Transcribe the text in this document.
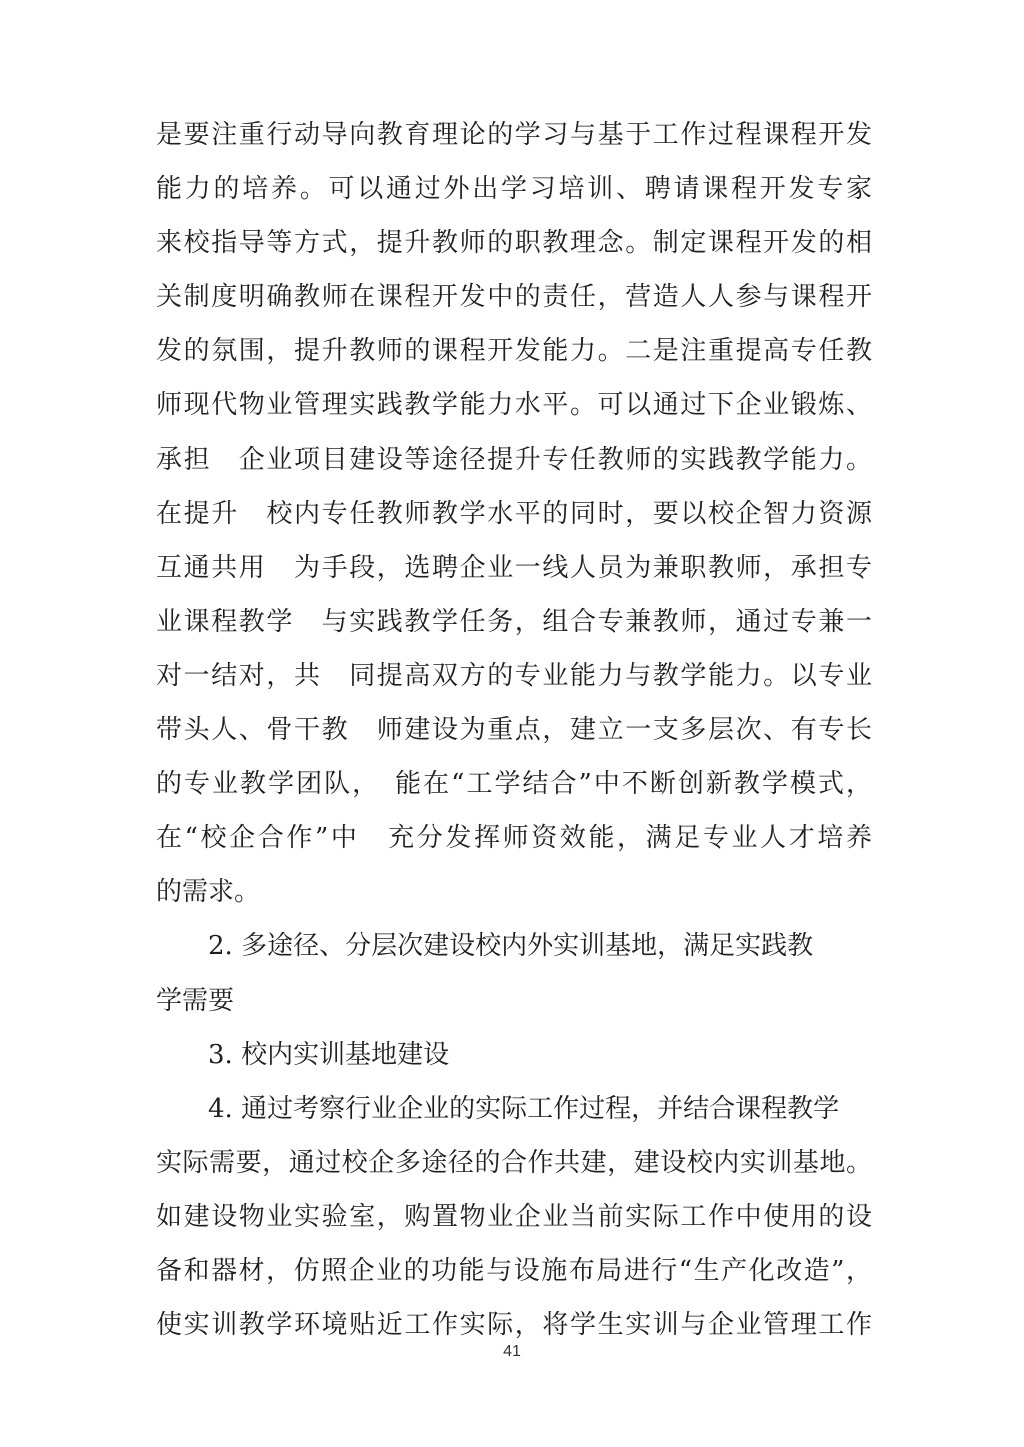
是要注重行动导向教育理论的学习与基于工作过程课程开发
能力的培养。可以通过外出学习培训、聘请课程开发专家
来校指导等方式，提升教师的职教理念。制定课程开发的相
关制度明确教师在课程开发中的责任，营造人人参与课程开
发的氛围，提升教师的课程开发能力。二是注重提高专任教
师现代物业管理实践教学能力水平。可以通过下企业锻炼、
承担　企业项目建设等途径提升专任教师的实践教学能力。
在提升　校内专任教师教学水平的同时，要以校企智力资源
互通共用　为手段，选聘企业一线人员为兼职教师，承担专
业课程教学　与实践教学任务，组合专兼教师，通过专兼一
对一结对，共　同提高双方的专业能力与教学能力。以专业
带头人、骨干教　师建设为重点，建立一支多层次、有专长
的专业教学团队，　能在“工学结合”中不断创新教学模式，
在“校企合作”中　充分发挥师资效能，满足专业人才培养
的需求。
2. 多途径、分层次建设校内外实训基地，满足实践教
学需要
3. 校内实训基地建设
4. 通过考察行业企业的实际工作过程，并结合课程教学
实际需要，通过校企多途径的合作共建，建设校内实训基地。
如建设物业实验室，购置物业企业当前实际工作中使用的设
备和器材，仿照企业的功能与设施布局进行“生产化改造”，
使实训教学环境贴近工作实际，将学生实训与企业管理工作
41
